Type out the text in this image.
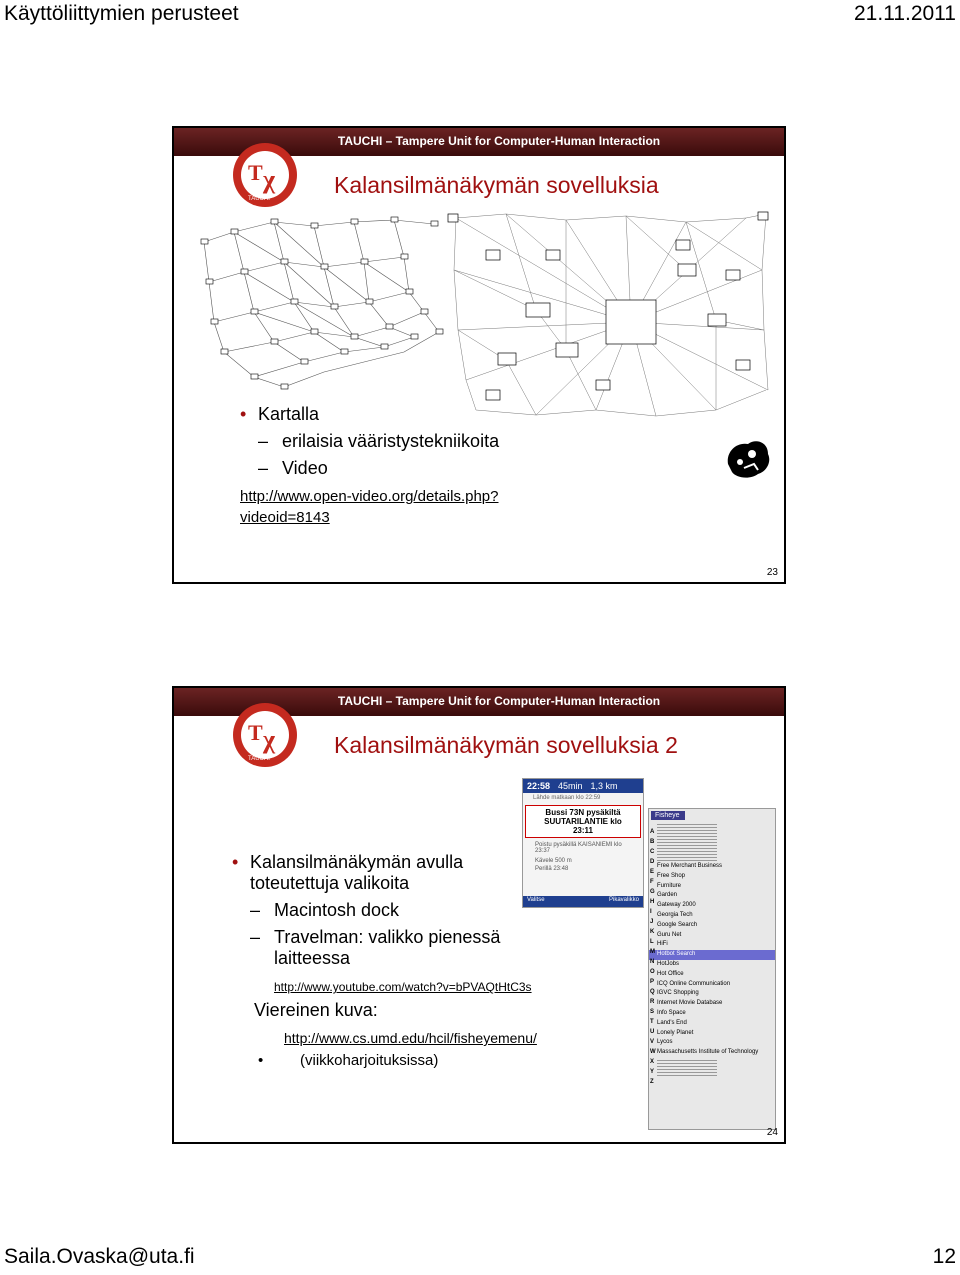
Käyttöliittymien perusteet	21.11.2011
TAUCHI – Tampere Unit for Computer-Human Interaction
T χ
TAUCHI
Kalansilmänäkymän sovelluksia
• Kartalla
– erilaisia vääristystekniikoita
– Video
http://www.open-video.org/details.php?videoid=8143
23
TAUCHI – Tampere Unit for Computer-Human Interaction
T χ
TAUCHI
Kalansilmänäkymän sovelluksia 2
22:58 45min 1,3 km
Lähde matkaan klo 22:59
Bussi 73N pysäkiltä
SUUTARILANTIE klo
23:11
Poistu pysäkillä KAISANIEMI klo 23:37
Kävele 500 m
Perillä 23:48
Valitse	Pikavalikko
Fisheye
A
B
C
D
E
F
G
H
I
J
K
L
M
N
O
P
Q
R
S
T
U
V
W
X
Y
Z
Free Merchant Business
Free Shop
Furniture
Garden
Gateway 2000
Georgia Tech
Google Search
Guru Net
HiFi
Hotbot Search
HotJobs
Hot Office
ICQ Online Communication
IGVC Shopping
Internet Movie Database
Info Space
Land's End
Lonely Planet
Lycos
Massachusetts Institute of Technology
• Kalansilmänäkymän avulla toteutettuja valikoita
– Macintosh dock
– Travelman: valikko pienessä laitteessa
http://www.youtube.com/watch?v=bPVAQtHtC3s
Viereinen kuva:
http://www.cs.umd.edu/hcil/fisheyemenu/
• (viikkoharjoituksissa)
24
Saila.Ovaska@uta.fi	12
